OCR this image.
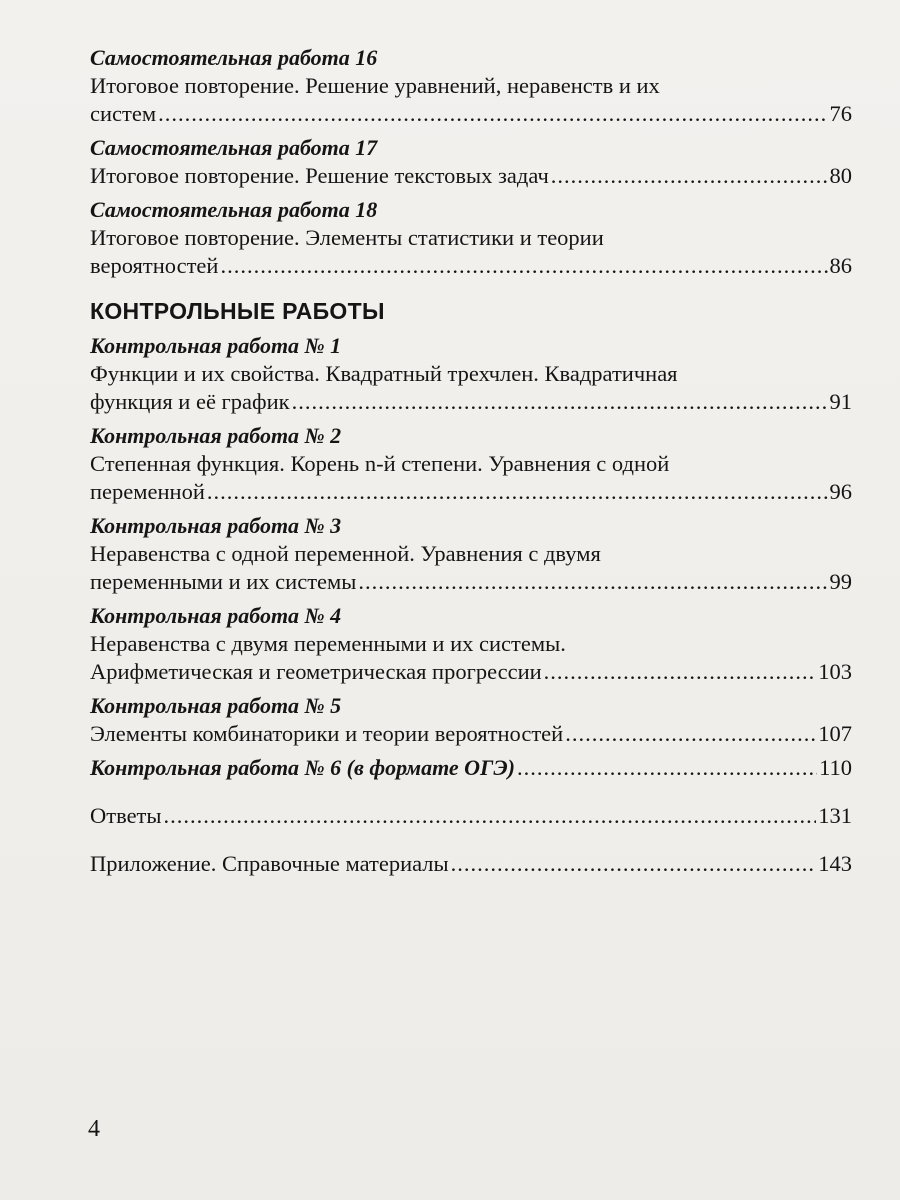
Самостоятельная работа 16
Итоговое повторение. Решение уравнений, неравенств и их
систем .....	76
Самостоятельная работа 17
Итоговое повторение. Решение текстовых задач .....	80
Самостоятельная работа 18
Итоговое повторение. Элементы статистики и теории
вероятностей .....	86
КОНТРОЛЬНЫЕ РАБОТЫ
Контрольная работа № 1
Функции и их свойства. Квадратный трехчлен. Квадратичная
функция и её график .....	91
Контрольная работа № 2
Степенная функция. Корень n-й степени. Уравнения с одной
переменной .....	96
Контрольная работа № 3
Неравенства с одной переменной. Уравнения с двумя
переменными и их системы .....	99
Контрольная работа № 4
Неравенства с двумя переменными и их системы.
Арифметическая и геометрическая прогрессии .....	103
Контрольная работа № 5
Элементы комбинаторики и теории вероятностей .....	107
Контрольная работа № 6 (в формате ОГЭ) .....	110
Ответы .....	131
Приложение. Справочные материалы .....	143
4
